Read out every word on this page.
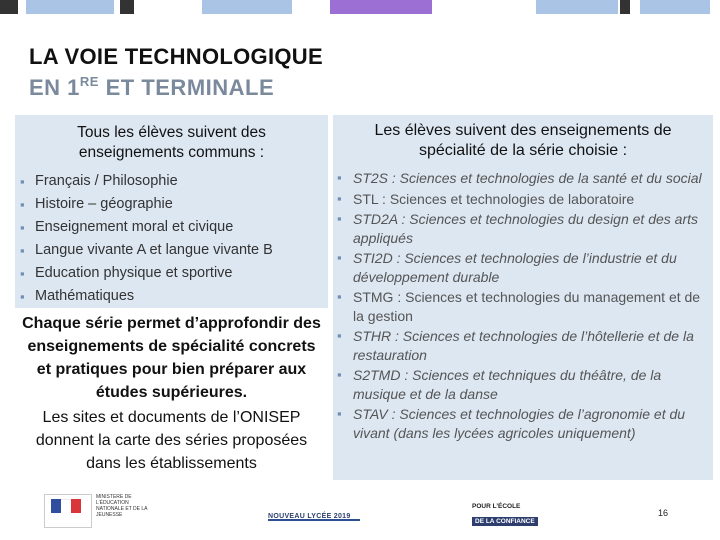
LA VOIE TECHNOLOGIQUE
EN 1RE ET TERMINALE
Tous les élèves suivent des enseignements communs :
▪ Français / Philosophie
▪ Histoire – géographie
▪ Enseignement moral et civique
▪ Langue vivante A et langue vivante B
▪ Education physique et sportive
▪ Mathématiques
Chaque série permet d’approfondir des enseignements de spécialité concrets et pratiques pour bien préparer aux études supérieures.
Les sites et documents de l’ONISEP donnent la carte des séries proposées dans les établissements
Les élèves suivent des enseignements de spécialité de la série choisie :
▪ ST2S : Sciences et technologies de la santé et du social
▪ STL : Sciences et technologies de laboratoire
▪ STD2A : Sciences et technologies du design et des arts appliqués
▪ STI2D : Sciences et technologies de l’industrie et du développement durable
▪ STMG : Sciences et technologies du management et de la gestion
▪ STHR : Sciences et technologies de l’hôtellerie et de la restauration
▪ S2TMD : Sciences et techniques du théâtre, de la musique et de la danse
▪ STAV : Sciences et technologies de l’agronomie et du vivant (dans les lycées agricoles uniquement)
MINISTÈRE DE L’ÉDUCATION NATIONALE ET DE LA JEUNESSE	NOUVEAU LYCÉE 2019
POUR L’ÉCOLE
DE LA CONFIANCE
16
